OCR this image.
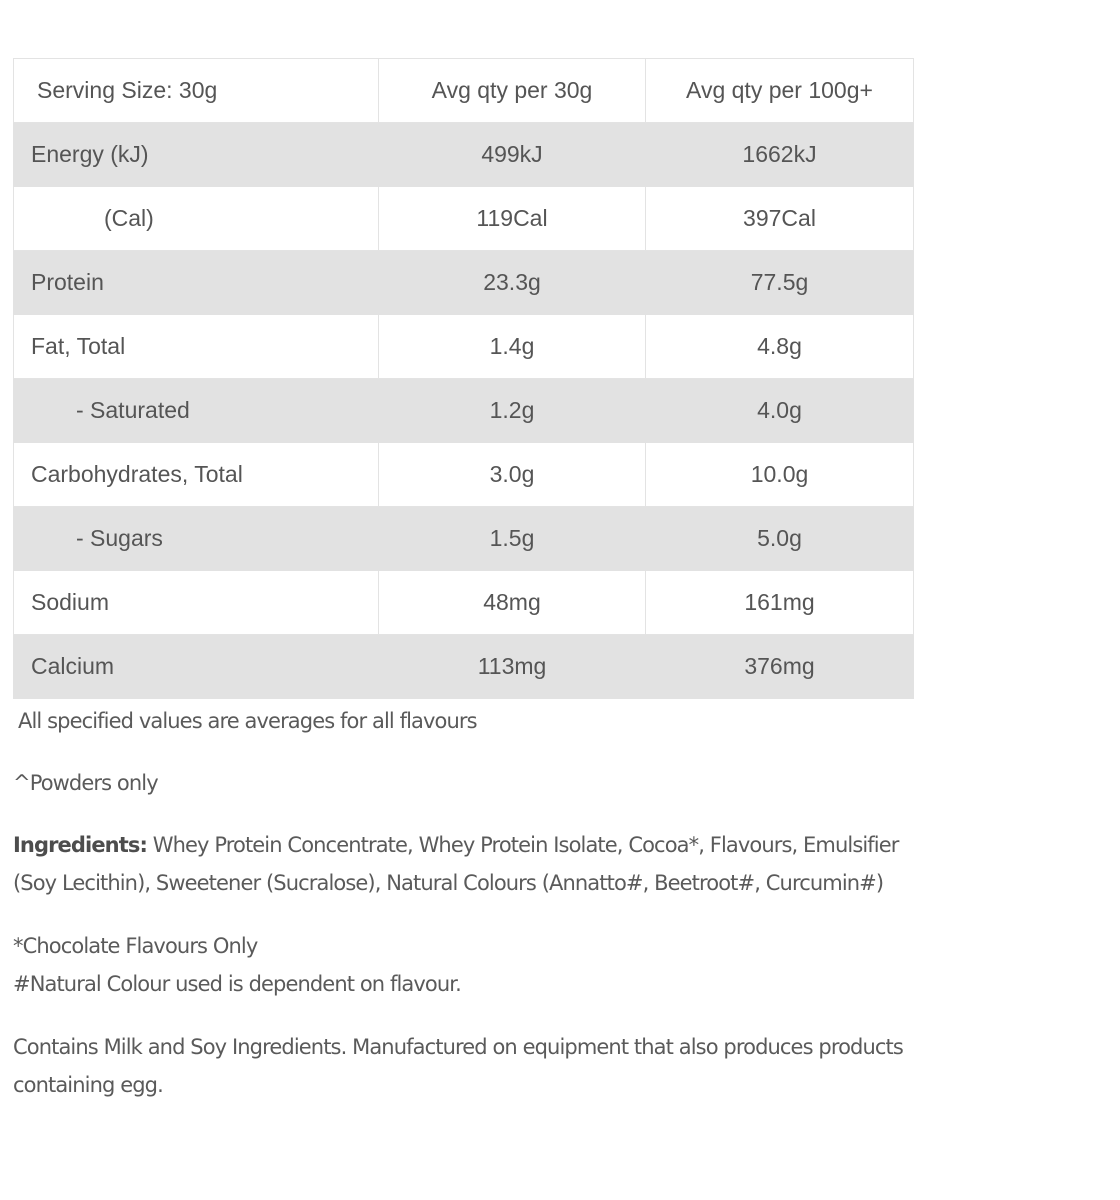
Serving Size: 30g	Avg qty per 30g	Avg qty per 100g+
Energy (kJ)	499kJ	1662kJ
(Cal)	119Cal	397Cal
Protein	23.3g	77.5g
Fat, Total	1.4g	4.8g
- Saturated	1.2g	4.0g
Carbohydrates, Total	3.0g	10.0g
- Sugars	1.5g	5.0g
Sodium	48mg	161mg
Calcium	113mg	376mg

All specified values are averages for all flavours

^Powders only

Ingredients: Whey Protein Concentrate, Whey Protein Isolate, Cocoa*, Flavours, Emulsifier (Soy Lecithin), Sweetener (Sucralose), Natural Colours (Annatto#, Beetroot#, Curcumin#)

*Chocolate Flavours Only
#Natural Colour used is dependent on flavour.

Contains Milk and Soy Ingredients. Manufactured on equipment that also produces products containing egg.
